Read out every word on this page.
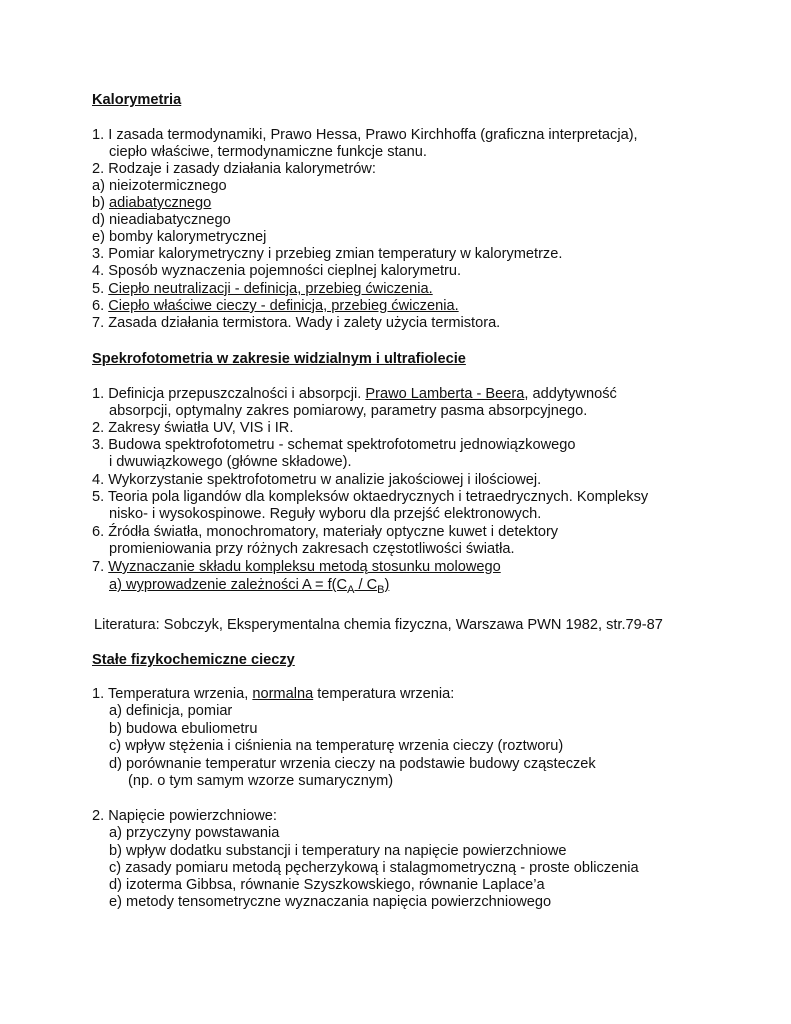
Kalorymetria
1. I zasada termodynamiki, Prawo Hessa, Prawo Kirchhoffa (graficzna interpretacja),
ciepło właściwe, termodynamiczne funkcje stanu.
2. Rodzaje i zasady działania kalorymetrów:
a) nieizotermicznego
b) adiabatycznego
d) nieadiabatycznego
e) bomby kalorymetrycznej
3. Pomiar kalorymetryczny i przebieg zmian temperatury w kalorymetrze.
4. Sposób wyznaczenia pojemności cieplnej kalorymetru.
5. Ciepło neutralizacji - definicja, przebieg ćwiczenia.
6. Ciepło właściwe cieczy - definicja, przebieg ćwiczenia.
7. Zasada działania termistora. Wady i zalety użycia termistora.
Spekrofotometria w zakresie widzialnym i ultrafiolecie
1. Definicja przepuszczalności i absorpcji. Prawo Lamberta - Beera, addytywność
absorpcji, optymalny zakres pomiarowy, parametry pasma absorpcyjnego.
2. Zakresy światła UV, VIS i IR.
3. Budowa spektrofotometru - schemat spektrofotometru jednowiązkowego
i dwuwiązkowego (główne składowe).
4. Wykorzystanie spektrofotometru w analizie jakościowej i ilościowej.
5. Teoria pola ligandów dla kompleksów oktaedrycznych i tetraedrycznych. Kompleksy
nisko- i wysokospinowe. Reguły wyboru dla przejść elektronowych.
6. Źródła światła, monochromatory, materiały optyczne kuwet i detektory
promieniowania przy różnych zakresach częstotliwości światła.
7. Wyznaczanie składu kompleksu metodą stosunku molowego
a) wyprowadzenie zależności $A = f(C_A / C_B)$
Literatura: Sobczyk, Eksperymentalna chemia fizyczna, Warszawa PWN 1982, str.79-87
Stałe fizykochemiczne cieczy
1. Temperatura wrzenia, normalna temperatura wrzenia:
a) definicja, pomiar
b) budowa ebuliometru
c) wpływ stężenia i ciśnienia na temperaturę wrzenia cieczy (roztworu)
d) porównanie temperatur wrzenia cieczy na podstawie budowy cząsteczek
(np. o tym samym wzorze sumarycznym)
2. Napięcie powierzchniowe:
a) przyczyny powstawania
b) wpływ dodatku substancji i temperatury na napięcie powierzchniowe
c) zasady pomiaru metodą pęcherzykową i stalagmometryczną - proste obliczenia
d) izoterma Gibbsa, równanie Szyszkowskiego, równanie Laplace’a
e) metody tensometryczne wyznaczania napięcia powierzchniowego
